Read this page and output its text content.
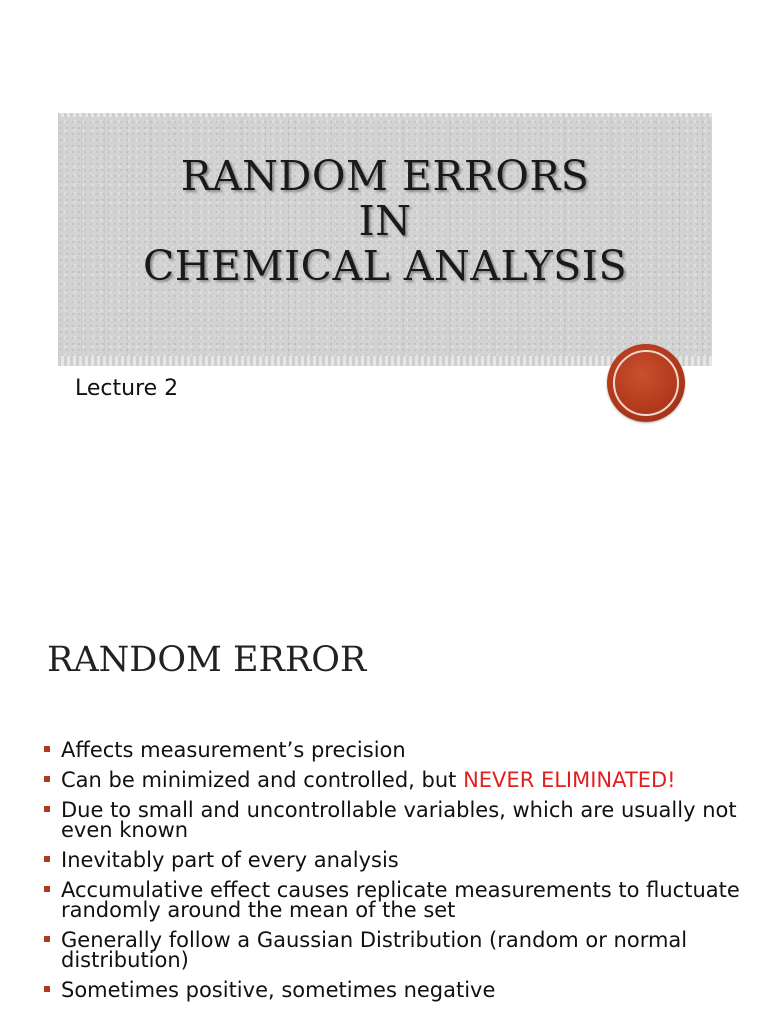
RANDOM ERRORS
IN
CHEMICAL ANALYSIS

Lecture 2

RANDOM ERROR
Affects measurement’s precision
Can be minimized and controlled, but NEVER ELIMINATED!
Due to small and uncontrollable variables, which are usually not even known
Inevitably part of every analysis
Accumulative effect causes replicate measurements to fluctuate randomly around the mean of the set
Generally follow a Gaussian Distribution (random or normal distribution)
Sometimes positive, sometimes negative
